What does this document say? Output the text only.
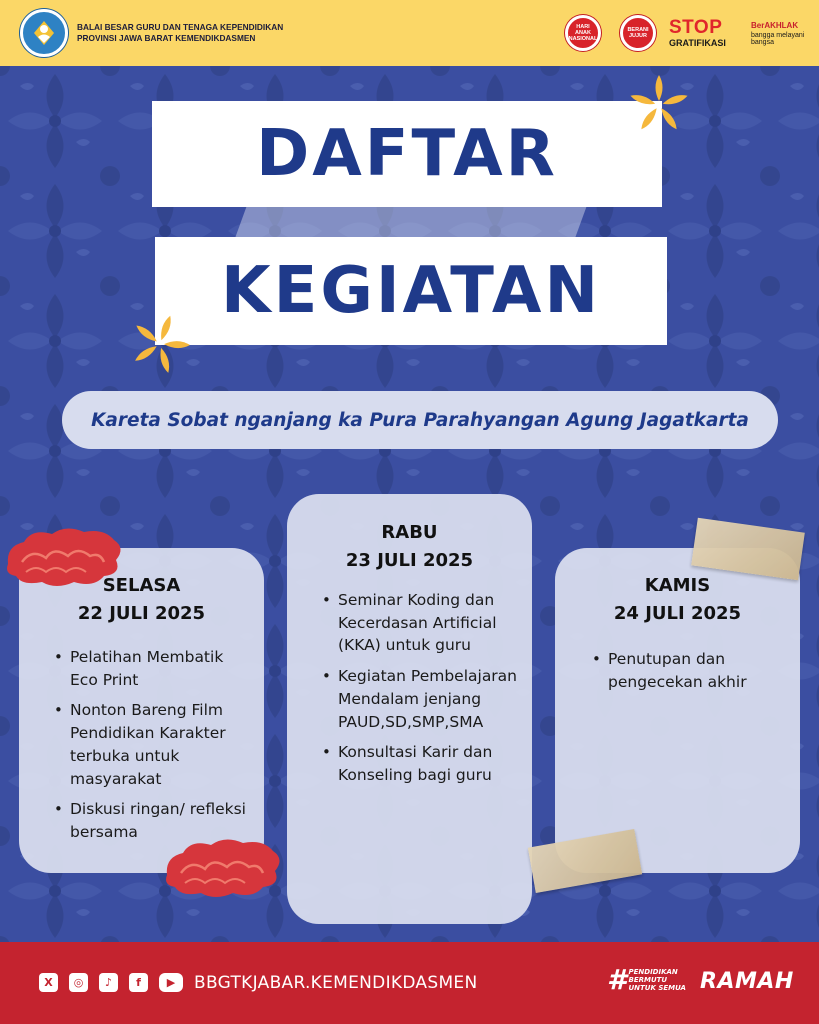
BALAI BESAR GURU DAN TENAGA KEPENDIDIKAN
PROVINSI JAWA BARAT KEMENDIKDASMEN
HARI ANAK NASIONAL
BERANI JUJUR	STOP
GRATIFIKASI
BerAKHLAK
bangga melayani bangsa
DAFTAR
KEGIATAN
Kareta Sobat nganjang ka Pura Parahyangan Agung Jagatkarta
SELASA
22 JULI 2025
• Pelatihan Membatik Eco Print
• Nonton Bareng Film Pendidikan Karakter terbuka untuk masyarakat
• Diskusi ringan/ refleksi bersama
RABU
23 JULI 2025
• Seminar Koding dan Kecerdasan Artificial (KKA) untuk guru
• Kegiatan Pembelajaran Mendalam jenjang PAUD,SD,SMP,SMA
• Konsultasi Karir dan Konseling bagi guru
KAMIS
24 JULI 2025
• Penutupan dan pengecekan akhir
X	◎	♪	f	▶	BBGTKJABAR.KEMENDIKDASMEN	# PENDIDIKAN
BERMUTU
UNTUK SEMUA RAMAH
